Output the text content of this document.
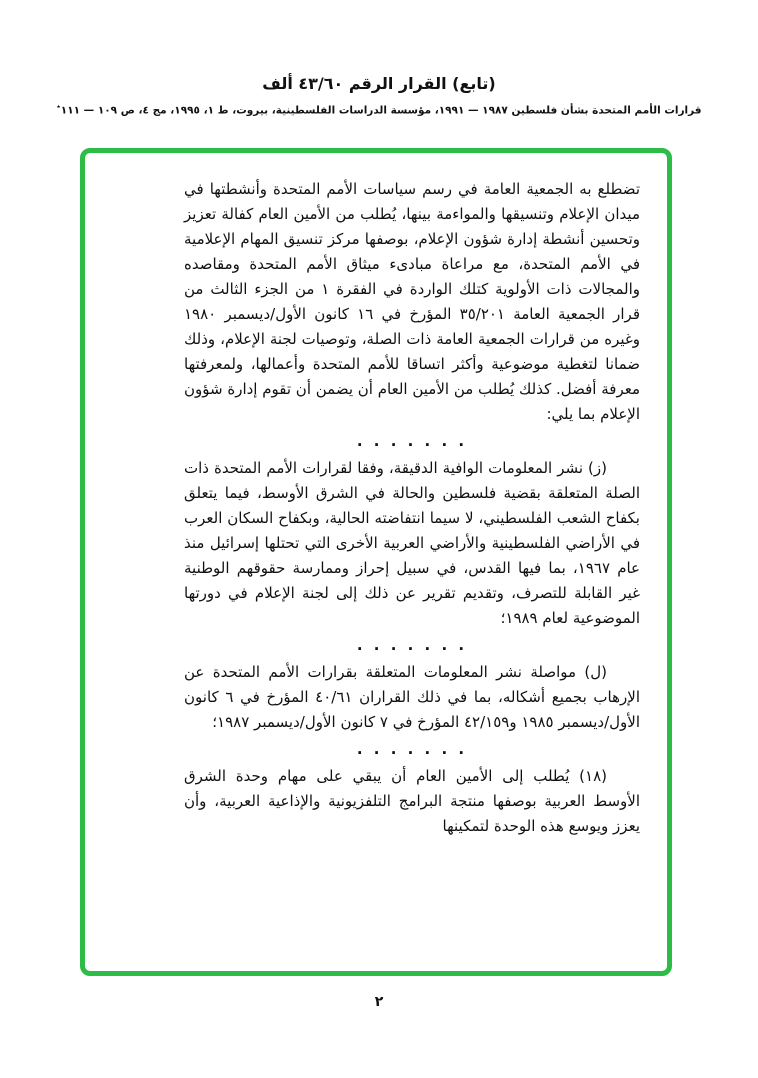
(تابع) القرار الرقم ٤٣/٦٠ ألف

قرارات الأمم المتحدة بشأن فلسطين ١٩٨٧ — ١٩٩١، مؤسسة الدراسات الفلسطينية، بيروت، ط ١، ١٩٩٥، مج ٤، ص ١٠٩ — ١١١٭

تضطلع به الجمعية العامة في رسم سياسات الأمم المتحدة وأنشطتها في ميدان الإعلام وتنسيقها والمواءمة بينها، يُطلب من الأمين العام كفالة تعزيز وتحسين أنشطة إدارة شؤون الإعلام، بوصفها مركز تنسيق المهام الإعلامية في الأمم المتحدة، مع مراعاة مبادىء ميثاق الأمم المتحدة ومقاصده والمجالات ذات الأولوية كتلك الواردة في الفقرة ١ من الجزء الثالث من قرار الجمعية العامة ٣٥/٢٠١ المؤرخ في ١٦ كانون الأول/ديسمبر ١٩٨٠ وغيره من قرارات الجمعية العامة ذات الصلة، وتوصيات لجنة الإعلام، وذلك ضمانا لتغطية موضوعية وأكثر اتساقا للأمم المتحدة وأعمالها، ولمعرفتها معرفة أفضل. كذلك يُطلب من الأمين العام أن يضمن أن تقوم إدارة شؤون الإعلام بما يلي:

. . . . . . .

(ز) نشر المعلومات الوافية الدقيقة، وفقا لقرارات الأمم المتحدة ذات الصلة المتعلقة بقضية فلسطين والحالة في الشرق الأوسط، فيما يتعلق بكفاح الشعب الفلسطيني، لا سيما انتفاضته الحالية، وبكفاح السكان العرب في الأراضي الفلسطينية والأراضي العربية الأخرى التي تحتلها إسرائيل منذ عام ١٩٦٧، بما فيها القدس، في سبيل إحراز وممارسة حقوقهم الوطنية غير القابلة للتصرف، وتقديم تقرير عن ذلك إلى لجنة الإعلام في دورتها الموضوعية لعام ١٩٨٩؛

. . . . . . .

(ل) مواصلة نشر المعلومات المتعلقة بقرارات الأمم المتحدة عن الإرهاب بجميع أشكاله، بما في ذلك القراران ٤٠/٦١ المؤرخ في ٦ كانون الأول/ديسمبر ١٩٨٥ و٤٢/١٥٩ المؤرخ في ٧ كانون الأول/ديسمبر ١٩٨٧؛

. . . . . . .

(١٨) يُطلب إلى الأمين العام أن يبقي على مهام وحدة الشرق الأوسط العربية بوصفها منتجة البرامج التلفزيونية والإذاعية العربية، وأن يعزز ويوسع هذه الوحدة لتمكينها

٢
